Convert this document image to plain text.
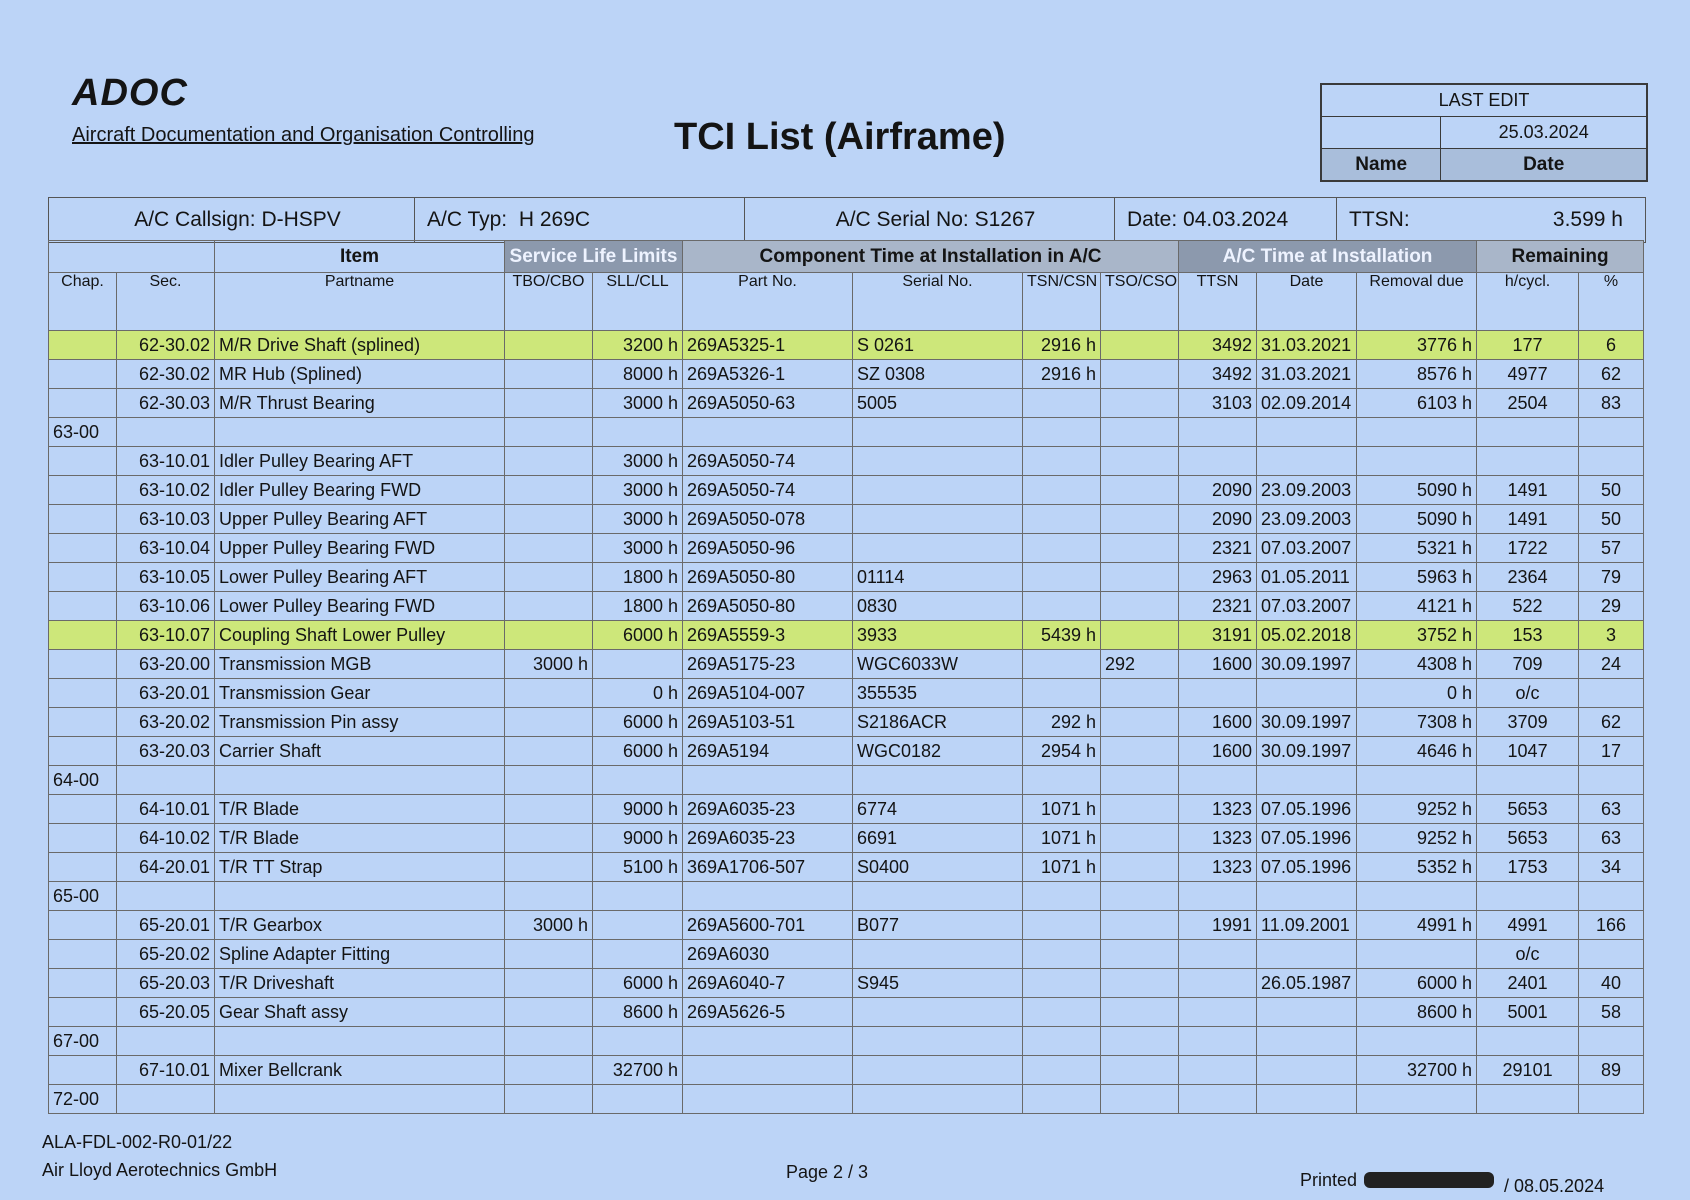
ADOC
Aircraft Documentation and Organisation Controlling	TCI List (Airframe)
LAST EDIT	
	25.03.2024
Name	Date
A/C Callsign:
D-HSPV	A/C Typ:
H 269C	A/C Serial No:
S1267	Date:
04.03.2024	TTSN:	3.599 h
		Item	Service Life Limits		Component Time at Installation in A/C				A/C Time at Installation			Remaining	
Chap.	Sec.	Partname	TBO/CBO	SLL/CLL	Part No.	Serial No.	TSN/CSN	TSO/CSO	TTSN	Date	Removal due	h/cycl.	%
	62-30.02	M/R Drive Shaft (splined)		3200 h	269A5325-1	S 0261	2916 h		3492	31.03.2021	3776 h	177	6
	62-30.02	MR Hub (Splined)		8000 h	269A5326-1	SZ 0308	2916 h		3492	31.03.2021	8576 h	4977	62
	62-30.03	M/R Thrust Bearing		3000 h	269A5050-63	5005			3103	02.09.2014	6103 h	2504	83
63-00													
	63-10.01	Idler Pulley Bearing AFT		3000 h	269A5050-74								
	63-10.02	Idler Pulley Bearing FWD		3000 h	269A5050-74				2090	23.09.2003	5090 h	1491	50
	63-10.03	Upper Pulley Bearing AFT		3000 h	269A5050-078				2090	23.09.2003	5090 h	1491	50
	63-10.04	Upper Pulley Bearing FWD		3000 h	269A5050-96				2321	07.03.2007	5321 h	1722	57
	63-10.05	Lower Pulley Bearing AFT		1800 h	269A5050-80	01114			2963	01.05.2011	5963 h	2364	79
	63-10.06	Lower Pulley Bearing FWD		1800 h	269A5050-80	0830			2321	07.03.2007	4121 h	522	29
	63-10.07	Coupling Shaft Lower Pulley		6000 h	269A5559-3	3933	5439 h		3191	05.02.2018	3752 h	153	3
	63-20.00	Transmission MGB	3000 h		269A5175-23	WGC6033W		292	1600	30.09.1997	4308 h	709	24
	63-20.01	Transmission Gear		0 h	269A5104-007	355535					0 h	o/c	
	63-20.02	Transmission Pin assy		6000 h	269A5103-51	S2186ACR	292 h		1600	30.09.1997	7308 h	3709	62
	63-20.03	Carrier Shaft		6000 h	269A5194	WGC0182	2954 h		1600	30.09.1997	4646 h	1047	17
64-00													
	64-10.01	T/R Blade		9000 h	269A6035-23	6774	1071 h		1323	07.05.1996	9252 h	5653	63
	64-10.02	T/R Blade		9000 h	269A6035-23	6691	1071 h		1323	07.05.1996	9252 h	5653	63
	64-20.01	T/R TT Strap		5100 h	369A1706-507	S0400	1071 h		1323	07.05.1996	5352 h	1753	34
65-00													
	65-20.01	T/R Gearbox	3000 h		269A5600-701	B077			1991	11.09.2001	4991 h	4991	166
	65-20.02	Spline Adapter Fitting			269A6030							o/c	
	65-20.03	T/R Driveshaft		6000 h	269A6040-7	S945				26.05.1987	6000 h	2401	40
	65-20.05	Gear Shaft assy		8600 h	269A5626-5						8600 h	5001	58
67-00													
	67-10.01	Mixer Bellcrank		32700 h							32700 h	29101	89
72-00													
ALA-FDL-002-R0-01/22
Air Lloyd Aerotechnics GmbH	Page 2 / 3	Printed	/ 08.05.2024
